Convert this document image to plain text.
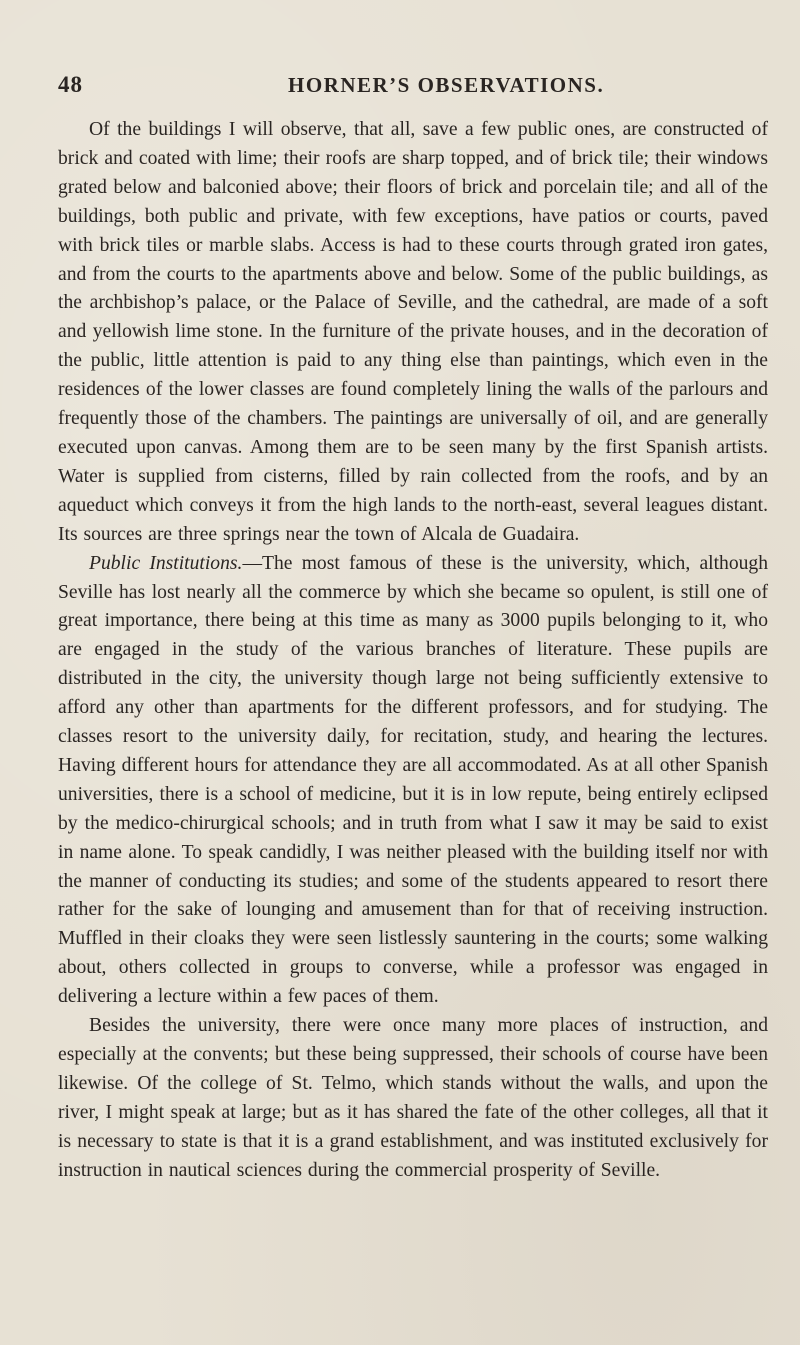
48	HORNER’S OBSERVATIONS.

Of the buildings I will observe, that all, save a few public ones, are constructed of brick and coated with lime; their roofs are sharp topped, and of brick tile; their windows grated below and balconied above; their floors of brick and porcelain tile; and all of the buildings, both public and private, with few exceptions, have patios or courts, paved with brick tiles or marble slabs. Access is had to these courts through grated iron gates, and from the courts to the apartments above and below. Some of the public buildings, as the archbishop’s palace, or the Palace of Seville, and the cathedral, are made of a soft and yellowish lime stone. In the furniture of the private houses, and in the decoration of the public, little attention is paid to any thing else than paintings, which even in the residences of the lower classes are found completely lining the walls of the parlours and frequently those of the chambers. The paintings are universally of oil, and are generally executed upon canvas. Among them are to be seen many by the first Spanish artists. Water is supplied from cisterns, filled by rain collected from the roofs, and by an aqueduct which conveys it from the high lands to the north-east, several leagues distant. Its sources are three springs near the town of Alcala de Guadaira.

Public Institutions.—The most famous of these is the university, which, although Seville has lost nearly all the commerce by which she became so opulent, is still one of great importance, there being at this time as many as 3000 pupils belonging to it, who are engaged in the study of the various branches of literature. These pupils are distributed in the city, the university though large not being sufficiently extensive to afford any other than apartments for the different professors, and for studying. The classes resort to the university daily, for recitation, study, and hearing the lectures. Having different hours for attendance they are all accommodated. As at all other Spanish universities, there is a school of medicine, but it is in low repute, being entirely eclipsed by the medico-chirurgical schools; and in truth from what I saw it may be said to exist in name alone. To speak candidly, I was neither pleased with the building itself nor with the manner of conducting its studies; and some of the students appeared to resort there rather for the sake of lounging and amusement than for that of receiving instruction. Muffled in their cloaks they were seen listlessly sauntering in the courts; some walking about, others collected in groups to converse, while a professor was engaged in delivering a lecture within a few paces of them.

Besides the university, there were once many more places of instruction, and especially at the convents; but these being suppressed, their schools of course have been likewise. Of the college of St. Telmo, which stands without the walls, and upon the river, I might speak at large; but as it has shared the fate of the other colleges, all that it is necessary to state is that it is a grand establishment, and was instituted exclusively for instruction in nautical sciences during the commercial prosperity of Seville.
